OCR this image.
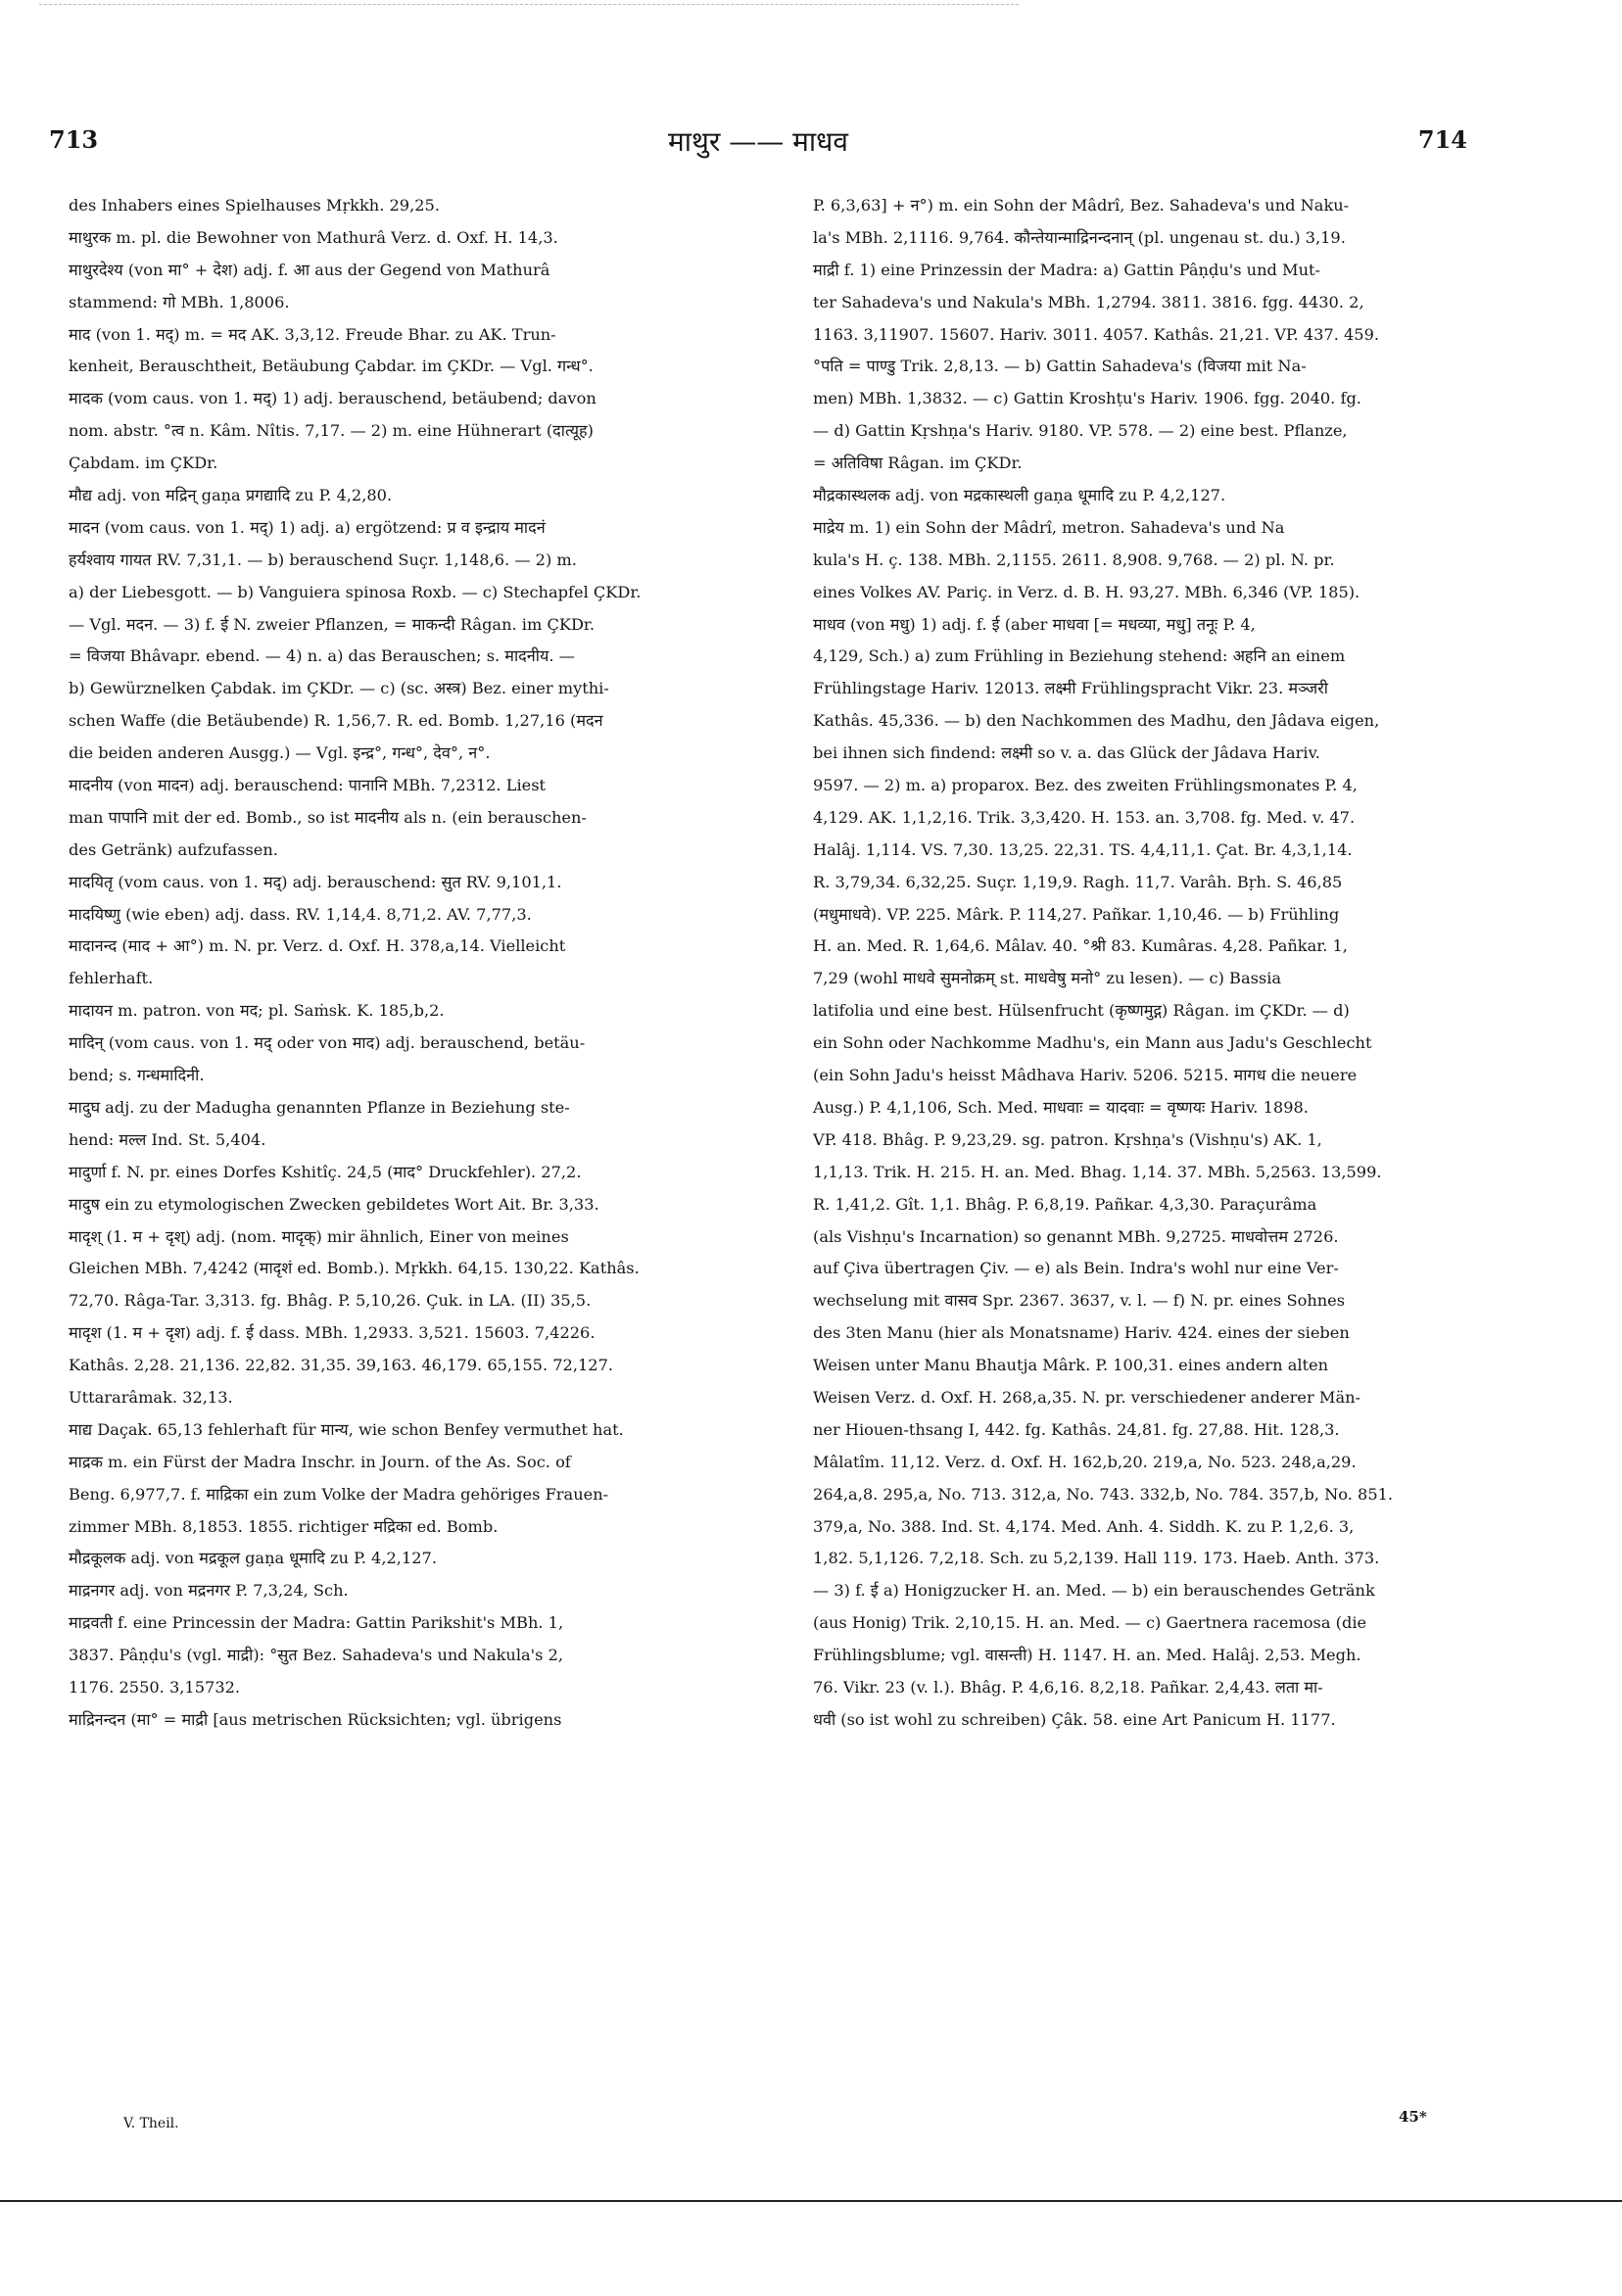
713	माथुर —— माधव	714
des Inhabers eines Spielhauses Mṛkkh. 29,25.
माथुरक m. pl. die Bewohner von Mathurâ Verz. d. Oxf. H. 14,3.
माथुरदेश्य (von मा° + देश) adj. f. आ aus der Gegend von Mathurâ
stammend: गो MBh. 1,8006.
माद (von 1. मद्) m. = मद AK. 3,3,12. Freude Bhar. zu AK. Trun-
kenheit, Berauschtheit, Betäubung Çabdar. im ÇKDr. — Vgl. गन्ध°.
मादक (vom caus. von 1. मद्) 1) adj. berauschend, betäubend; davon
nom. abstr. °त्व n. Kâm. Nîtis. 7,17. — 2) m. eine Hühnerart (दात्यूह)
Çabdam. im ÇKDr.
मौद्य adj. von मद्रिन् gaṇa प्रगद्यादि zu P. 4,2,80.
मादन (vom caus. von 1. मद्) 1) adj. a) ergötzend: प्र व इन्द्राय मादनं
हर्यश्वाय गायत RV. 7,31,1. — b) berauschend Suçr. 1,148,6. — 2) m.
a) der Liebesgott. — b) Vanguiera spinosa Roxb. — c) Stechapfel ÇKDr.
— Vgl. मदन. — 3) f. ई N. zweier Pflanzen, = माकन्दी Râgan. im ÇKDr.
= विजया Bhâvapr. ebend. — 4) n. a) das Berauschen; s. मादनीय. —
b) Gewürznelken Çabdak. im ÇKDr. — c) (sc. अस्त्र) Bez. einer mythi-
schen Waffe (die Betäubende) R. 1,56,7. R. ed. Bomb. 1,27,16 (मदन
die beiden anderen Ausgg.) — Vgl. इन्द्र°, गन्ध°, देव°, न°.
मादनीय (von मादन) adj. berauschend: पानानि MBh. 7,2312. Liest
man पापानि mit der ed. Bomb., so ist मादनीय als n. (ein berauschen-
des Getränk) aufzufassen.
मादयितृ (vom caus. von 1. मद्) adj. berauschend: सुत RV. 9,101,1.
मादयिष्णु (wie eben) adj. dass. RV. 1,14,4. 8,71,2. AV. 7,77,3.
मादानन्द (माद + आ°) m. N. pr. Verz. d. Oxf. H. 378,a,14. Vielleicht
fehlerhaft.
मादायन m. patron. von मद; pl. Saṁsk. K. 185,b,2.
मादिन् (vom caus. von 1. मद् oder von माद) adj. berauschend, betäu-
bend; s. गन्धमादिनी.
मादुघ adj. zu der Madugha genannten Pflanze in Beziehung ste-
hend: मल्ल Ind. St. 5,404.
मादुर्णा f. N. pr. eines Dorfes Kshitîç. 24,5 (माद° Druckfehler). 27,2.
मादुष ein zu etymologischen Zwecken gebildetes Wort Ait. Br. 3,33.
मादृश् (1. म + दृश्) adj. (nom. मादृक्) mir ähnlich, Einer von meines
Gleichen MBh. 7,4242 (मादृशं ed. Bomb.). Mṛkkh. 64,15. 130,22. Kathâs.
72,70. Râga-Tar. 3,313. fg. Bhâg. P. 5,10,26. Çuk. in LA. (II) 35,5.
मादृश (1. म + दृश) adj. f. ई dass. MBh. 1,2933. 3,521. 15603. 7,4226.
Kathâs. 2,28. 21,136. 22,82. 31,35. 39,163. 46,179. 65,155. 72,127.
Uttararâmak. 32,13.
माद्य Daçak. 65,13 fehlerhaft für मान्य, wie schon Benfey vermuthet hat.
माद्रक m. ein Fürst der Madra Inschr. in Journ. of the As. Soc. of
Beng. 6,977,7. f. माद्रिका ein zum Volke der Madra gehöriges Frauen-
zimmer MBh. 8,1853. 1855. richtiger मद्रिका ed. Bomb.
मौद्रकूलक adj. von मद्रकूल gaṇa धूमादि zu P. 4,2,127.
माद्रनगर adj. von मद्रनगर P. 7,3,24, Sch.
माद्रवती f. eine Princessin der Madra: Gattin Parikshit's MBh. 1,
3837. Pâṇḍu's (vgl. माद्री): °सुत Bez. Sahadeva's und Nakula's 2,
1176. 2550. 3,15732.
माद्रिनन्दन (मा° = माद्री [aus metrischen Rücksichten; vgl. übrigens
P. 6,3,63] + न°) m. ein Sohn der Mâdrî, Bez. Sahadeva's und Naku-
la's MBh. 2,1116. 9,764. कौन्तेयान्माद्रिनन्दनान् (pl. ungenau st. du.) 3,19.
माद्री f. 1) eine Prinzessin der Madra: a) Gattin Pâṇḍu's und Mut-
ter Sahadeva's und Nakula's MBh. 1,2794. 3811. 3816. fgg. 4430. 2,
1163. 3,11907. 15607. Hariv. 3011. 4057. Kathâs. 21,21. VP. 437. 459.
°पति = पाण्डु Trik. 2,8,13. — b) Gattin Sahadeva's (विजया mit Na-
men) MBh. 1,3832. — c) Gattin Kroshṭu's Hariv. 1906. fgg. 2040. fg.
— d) Gattin Kṛshṇa's Hariv. 9180. VP. 578. — 2) eine best. Pflanze,
= अतिविषा Râgan. im ÇKDr.
मौद्रकास्थलक adj. von मद्रकास्थली gaṇa धूमादि zu P. 4,2,127.
माद्रेय m. 1) ein Sohn der Mâdrî, metron. Sahadeva's und Na
kula's H. ç. 138. MBh. 2,1155. 2611. 8,908. 9,768. — 2) pl. N. pr.
eines Volkes AV. Pariç. in Verz. d. B. H. 93,27. MBh. 6,346 (VP. 185).
माधव (von मधु) 1) adj. f. ई (aber माधवा [= मधव्या, मधु] तनूः P. 4,
4,129, Sch.) a) zum Frühling in Beziehung stehend: अहनि an einem
Frühlingstage Hariv. 12013. लक्ष्मी Frühlingspracht Vikr. 23. मञ्जरी
Kathâs. 45,336. — b) den Nachkommen des Madhu, den Jâdava eigen,
bei ihnen sich findend: लक्ष्मी so v. a. das Glück der Jâdava Hariv.
9597. — 2) m. a) proparox. Bez. des zweiten Frühlingsmonates P. 4,
4,129. AK. 1,1,2,16. Trik. 3,3,420. H. 153. an. 3,708. fg. Med. v. 47.
Halâj. 1,114. VS. 7,30. 13,25. 22,31. TS. 4,4,11,1. Çat. Br. 4,3,1,14.
R. 3,79,34. 6,32,25. Suçr. 1,19,9. Ragh. 11,7. Varâh. Bṛh. S. 46,85
(मधुमाधवे). VP. 225. Mârk. P. 114,27. Pañkar. 1,10,46. — b) Frühling
H. an. Med. R. 1,64,6. Mâlav. 40. °श्री 83. Kumâras. 4,28. Pañkar. 1,
7,29 (wohl माधवे सुमनोक्रम् st. माधवेषु मनो° zu lesen). — c) Bassia
latifolia und eine best. Hülsenfrucht (कृष्णमुद्ग) Râgan. im ÇKDr. — d)
ein Sohn oder Nachkomme Madhu's, ein Mann aus Jadu's Geschlecht
(ein Sohn Jadu's heisst Mâdhava Hariv. 5206. 5215. मागध die neuere
Ausg.) P. 4,1,106, Sch. Med. माधवाः = यादवाः = वृष्णयः Hariv. 1898.
VP. 418. Bhâg. P. 9,23,29. sg. patron. Kṛshṇa's (Vishṇu's) AK. 1,
1,1,13. Trik. H. 215. H. an. Med. Bhag. 1,14. 37. MBh. 5,2563. 13,599.
R. 1,41,2. Gît. 1,1. Bhâg. P. 6,8,19. Pañkar. 4,3,30. Paraçurâma
(als Vishṇu's Incarnation) so genannt MBh. 9,2725. माधवोत्तम 2726.
auf Çiva übertragen Çiv. — e) als Bein. Indra's wohl nur eine Ver-
wechselung mit वासव Spr. 2367. 3637, v. l. — f) N. pr. eines Sohnes
des 3ten Manu (hier als Monatsname) Hariv. 424. eines der sieben
Weisen unter Manu Bhautja Mârk. P. 100,31. eines andern alten
Weisen Verz. d. Oxf. H. 268,a,35. N. pr. verschiedener anderer Män-
ner Hiouen-thsang I, 442. fg. Kathâs. 24,81. fg. 27,88. Hit. 128,3.
Mâlatîm. 11,12. Verz. d. Oxf. H. 162,b,20. 219,a, No. 523. 248,a,29.
264,a,8. 295,a, No. 713. 312,a, No. 743. 332,b, No. 784. 357,b, No. 851.
379,a, No. 388. Ind. St. 4,174. Med. Anh. 4. Siddh. K. zu P. 1,2,6. 3,
1,82. 5,1,126. 7,2,18. Sch. zu 5,2,139. Hall 119. 173. Haeb. Anth. 373.
— 3) f. ई a) Honigzucker H. an. Med. — b) ein berauschendes Getränk
(aus Honig) Trik. 2,10,15. H. an. Med. — c) Gaertnera racemosa (die
Frühlingsblume; vgl. वासन्ती) H. 1147. H. an. Med. Halâj. 2,53. Megh.
76. Vikr. 23 (v. l.). Bhâg. P. 4,6,16. 8,2,18. Pañkar. 2,4,43. लता मा-
धवी (so ist wohl zu schreiben) Çâk. 58. eine Art Panicum H. 1177.
V. Theil.	45*
